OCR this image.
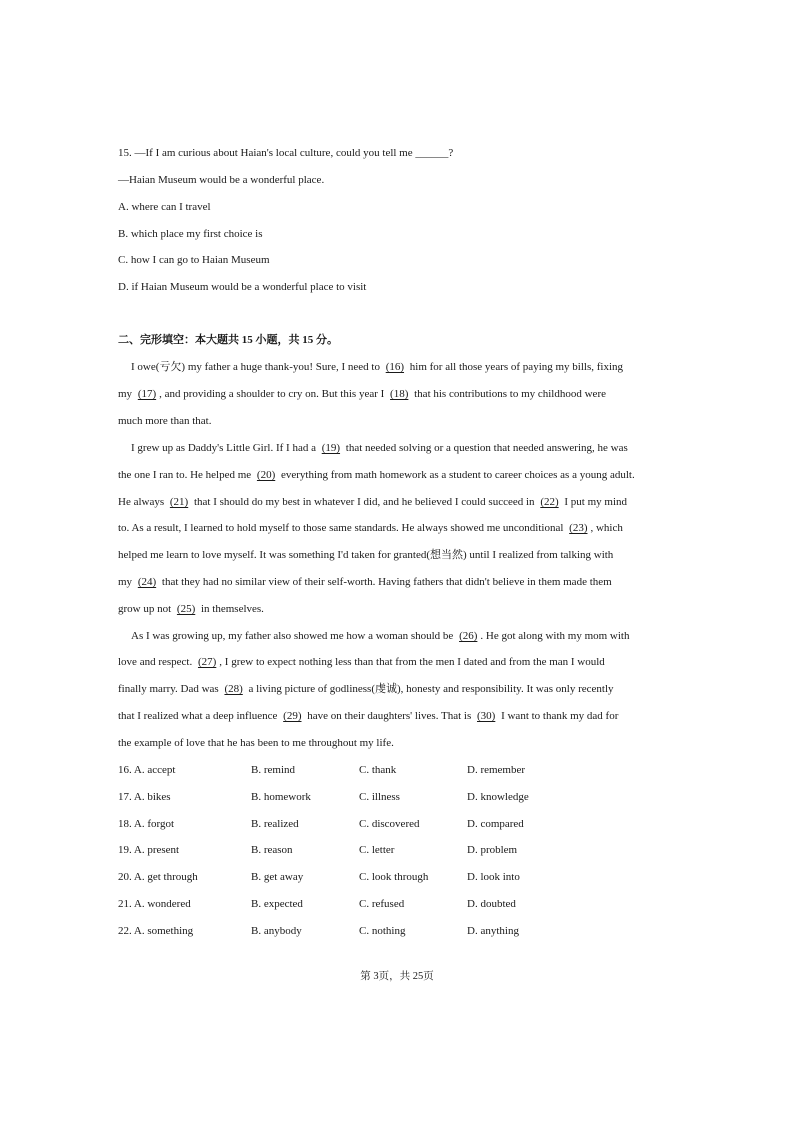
15. —If I am curious about Haian's local culture, could you tell me ______?
—Haian Museum would be a wonderful place.
A. where can I travel
B. which place my first choice is
C. how I can go to Haian Museum
D. if Haian Museum would be a wonderful place to visit
二、完形填空：本大题共 15 小题，共 15 分。
I owe(亏欠) my father a huge thank-you! Sure, I need to (16) him for all those years of paying my bills, fixing
my (17) , and providing a shoulder to cry on. But this year I (18) that his contributions to my childhood were
much more than that.
I grew up as Daddy's Little Girl. If I had a (19) that needed solving or a question that needed answering, he was
the one I ran to. He helped me (20) everything from math homework as a student to career choices as a young adult.
He always (21) that I should do my best in whatever I did, and he believed I could succeed in (22) I put my mind
to. As a result, I learned to hold myself to those same standards. He always showed me unconditional (23) , which
helped me learn to love myself. It was something I'd taken for granted(想当然) until I realized from talking with
my (24) that they had no similar view of their self-worth. Having fathers that didn't believe in them made them
grow up not (25) in themselves.
As I was growing up, my father also showed me how a woman should be (26) . He got along with my mom with
love and respect. (27) , I grew to expect nothing less than that from the men I dated and from the man I would
finally marry. Dad was (28) a living picture of godliness(虔诚), honesty and responsibility. It was only recently
that I realized what a deep influence (29) have on their daughters' lives. That is (30) I want to thank my dad for
the example of love that he has been to me throughout my life.
16. A. accept	B. remind	C. thank	D. remember
17. A. bikes	B. homework	C. illness	D. knowledge
18. A. forgot	B. realized	C. discovered	D. compared
19. A. present	B. reason	C. letter	D. problem
20. A. get through	B. get away	C. look through	D. look into
21. A. wondered	B. expected	C. refused	D. doubted
22. A. something	B. anybody	C. nothing	D. anything
第 3页，共 25页
